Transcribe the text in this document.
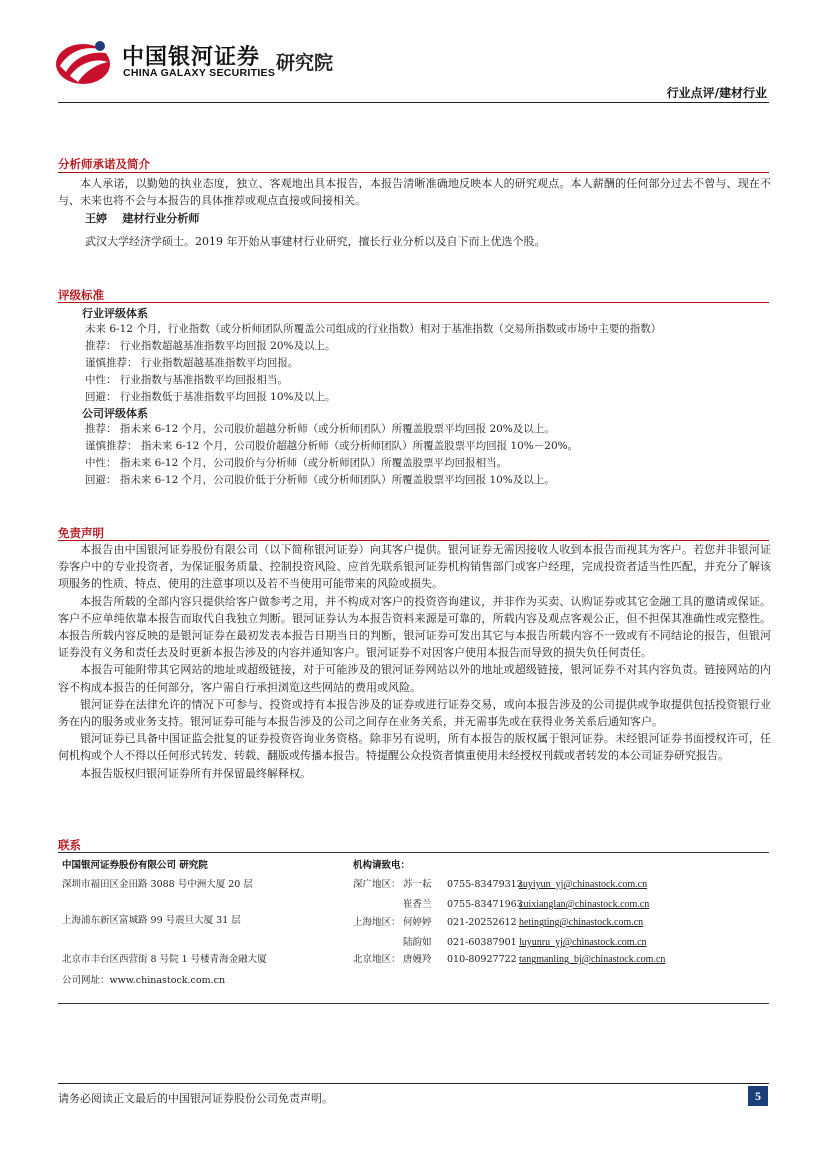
中国银河证券
CHINA GALAXY SECURITIES 研究院
行业点评/建材行业
分析师承诺及简介
本人承诺，以勤勉的执业态度，独立、客观地出具本报告，本报告清晰准确地反映本人的研究观点。本人薪酬的任何部分过去不曾与、现在不与、未来也将不会与本报告的具体推荐或观点直接或间接相关。
王婷 建材行业分析师
武汉大学经济学硕士。2019 年开始从事建材行业研究，擅长行业分析以及自下而上优选个股。
评级标准
行业评级体系
未来 6-12 个月，行业指数（或分析师团队所覆盖公司组成的行业指数）相对于基准指数（交易所指数或市场中主要的指数）
推荐： 行业指数超越基准指数平均回报 20%及以上。
谨慎推荐： 行业指数超越基准指数平均回报。
中性： 行业指数与基准指数平均回报相当。
回避： 行业指数低于基准指数平均回报 10%及以上。
公司评级体系
推荐： 指未来 6-12 个月，公司股价超越分析师（或分析师团队）所覆盖股票平均回报 20%及以上。
谨慎推荐： 指未来 6-12 个月，公司股价超越分析师（或分析师团队）所覆盖股票平均回报 10%－20%。
中性： 指未来 6-12 个月，公司股价与分析师（或分析师团队）所覆盖股票平均回报相当。
回避： 指未来 6-12 个月，公司股价低于分析师（或分析师团队）所覆盖股票平均回报 10%及以上。
免责声明
本报告由中国银河证券股份有限公司（以下简称银河证券）向其客户提供。银河证券无需因接收人收到本报告而视其为客户。若您并非银河证券客户中的专业投资者，为保证服务质量、控制投资风险、应首先联系银河证券机构销售部门或客户经理，完成投资者适当性匹配，并充分了解该项服务的性质、特点、使用的注意事项以及若不当使用可能带来的风险或损失。
本报告所载的全部内容只提供给客户做参考之用，并不构成对客户的投资咨询建议，并非作为买卖、认购证券或其它金融工具的邀请或保证。客户不应单纯依靠本报告而取代自我独立判断。银河证券认为本报告资料来源是可靠的，所载内容及观点客观公正，但不担保其准确性或完整性。本报告所载内容反映的是银河证券在最初发表本报告日期当日的判断，银河证券可发出其它与本报告所载内容不一致或有不同结论的报告，但银河证券没有义务和责任去及时更新本报告涉及的内容并通知客户。银河证券不对因客户使用本报告而导致的损失负任何责任。
本报告可能附带其它网站的地址或超级链接，对于可能涉及的银河证券网站以外的地址或超级链接，银河证券不对其内容负责。链接网站的内容不构成本报告的任何部分，客户需自行承担浏览这些网站的费用或风险。
银河证券在法律允许的情况下可参与、投资或持有本报告涉及的证券或进行证券交易，或向本报告涉及的公司提供或争取提供包括投资银行业务在内的服务或业务支持。银河证券可能与本报告涉及的公司之间存在业务关系，并无需事先或在获得业务关系后通知客户。
银河证券已具备中国证监会批复的证券投资咨询业务资格。除非另有说明，所有本报告的版权属于银河证券。未经银河证券书面授权许可，任何机构或个人不得以任何形式转发、转载、翻版或传播本报告。特提醒公众投资者慎重使用未经授权刊载或者转发的本公司证券研究报告。
本报告版权归银河证券所有并保留最终解释权。
联系
中国银河证券股份有限公司 研究院
深圳市福田区金田路 3088 号中洲大厦 20 层
上海浦东新区富城路 99 号震旦大厦 31 层
北京市丰台区西营街 8 号院 1 号楼青海金融大厦
公司网址：www.chinastock.com.cn
机构请致电：
深广地区： 苏一耘 0755-83479312suyiyun_yj@chinastock.com.cn
崔香兰 0755-83471963cuixianglan@chinastock.com.cn
上海地区： 何婷婷 021-20252612 hetingting@chinastock.com.cn
陆韵如 021-60387901 luyunru_yj@chinastock.com.cn
北京地区： 唐嫚羚 010-80927722 tangmanling_bj@chinastock.com.cn
请务必阅读正文最后的中国银河证券股份公司免责声明。	5
